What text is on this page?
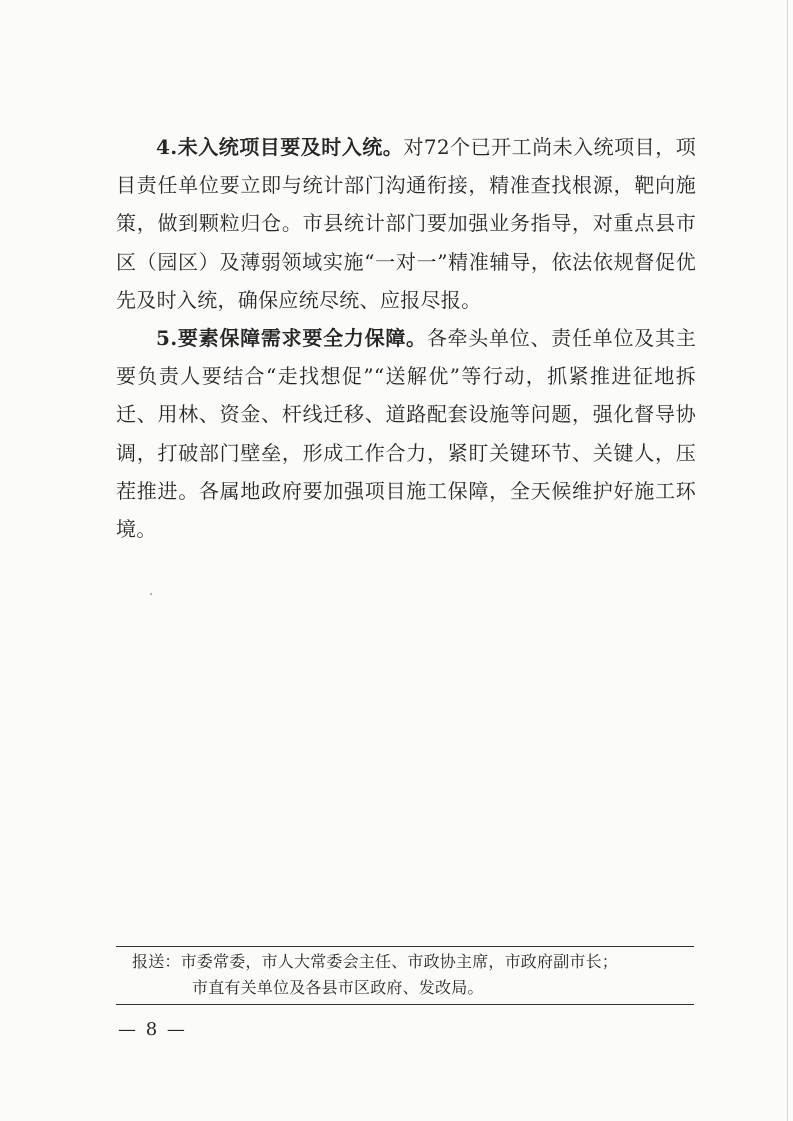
4.未入统项目要及时入统。对72个已开工尚未入统项目，项目责任单位要立即与统计部门沟通衔接，精准查找根源，靶向施策，做到颗粒归仓。市县统计部门要加强业务指导，对重点县市区（园区）及薄弱领域实施“一对一”精准辅导，依法依规督促优先及时入统，确保应统尽统、应报尽报。

5.要素保障需求要全力保障。各牵头单位、责任单位及其主要负责人要结合“走找想促”“送解优”等行动，抓紧推进征地拆迁、用林、资金、杆线迁移、道路配套设施等问题，强化督导协调，打破部门壁垒，形成工作合力，紧盯关键环节、关键人，压茬推进。各属地政府要加强项目施工保障，全天候维护好施工环境。

报送：市委常委，市人大常委会主任、市政协主席，市政府副市长；
市直有关单位及各县市区政府、发改局。
— 8 —
